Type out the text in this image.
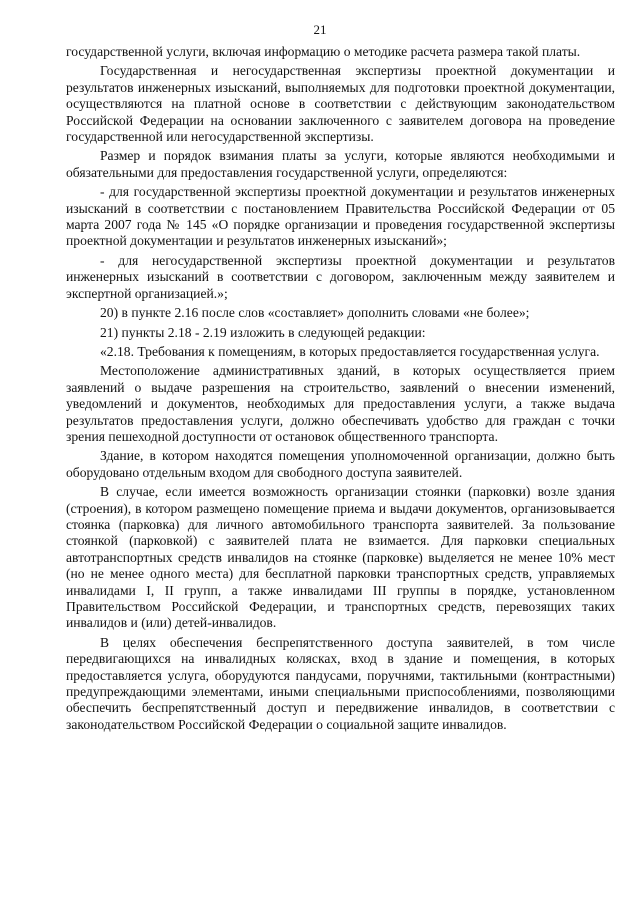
21

государственной услуги, включая информацию о методике расчета размера такой платы.

Государственная и негосударственная экспертизы проектной документации и результатов инженерных изысканий, выполняемых для подготовки проектной документации, осуществляются на платной основе в соответствии с действующим законодательством Российской Федерации на основании заключенного с заявителем договора на проведение государственной или негосударственной экспертизы.

Размер и порядок взимания платы за услуги, которые являются необходимыми и обязательными для предоставления государственной услуги, определяются:

- для государственной экспертизы проектной документации и результатов инженерных изысканий в соответствии с постановлением Правительства Российской Федерации от 05 марта 2007 года № 145 «О порядке организации и проведения государственной экспертизы проектной документации и результатов инженерных изысканий»;

- для негосударственной экспертизы проектной документации и результатов инженерных изысканий в соответствии с договором, заключенным между заявителем и экспертной организацией.»;

20) в пункте 2.16 после слов «составляет» дополнить словами «не более»;

21) пункты 2.18 - 2.19 изложить в следующей редакции:

«2.18. Требования к помещениям, в которых предоставляется государственная услуга.

Местоположение административных зданий, в которых осуществляется прием заявлений о выдаче разрешения на строительство, заявлений о внесении изменений, уведомлений и документов, необходимых для предоставления услуги, а также выдача результатов предоставления услуги, должно обеспечивать удобство для граждан с точки зрения пешеходной доступности от остановок общественного транспорта.

Здание, в котором находятся помещения уполномоченной организации, должно быть оборудовано отдельным входом для свободного доступа заявителей.

В случае, если имеется возможность организации стоянки (парковки) возле здания (строения), в котором размещено помещение приема и выдачи документов, организовывается стоянка (парковка) для личного автомобильного транспорта заявителей. За пользование стоянкой (парковкой) с заявителей плата не взимается. Для парковки специальных автотранспортных средств инвалидов на стоянке (парковке) выделяется не менее 10% мест (но не менее одного места) для бесплатной парковки транспортных средств, управляемых инвалидами I, II групп, а также инвалидами III группы в порядке, установленном Правительством Российской Федерации, и транспортных средств, перевозящих таких инвалидов и (или) детей-инвалидов.

В целях обеспечения беспрепятственного доступа заявителей, в том числе передвигающихся на инвалидных колясках, вход в здание и помещения, в которых предоставляется услуга, оборудуются пандусами, поручнями, тактильными (контрастными) предупреждающими элементами, иными специальными приспособлениями, позволяющими обеспечить беспрепятственный доступ и передвижение инвалидов, в соответствии с законодательством Российской Федерации о социальной защите инвалидов.
